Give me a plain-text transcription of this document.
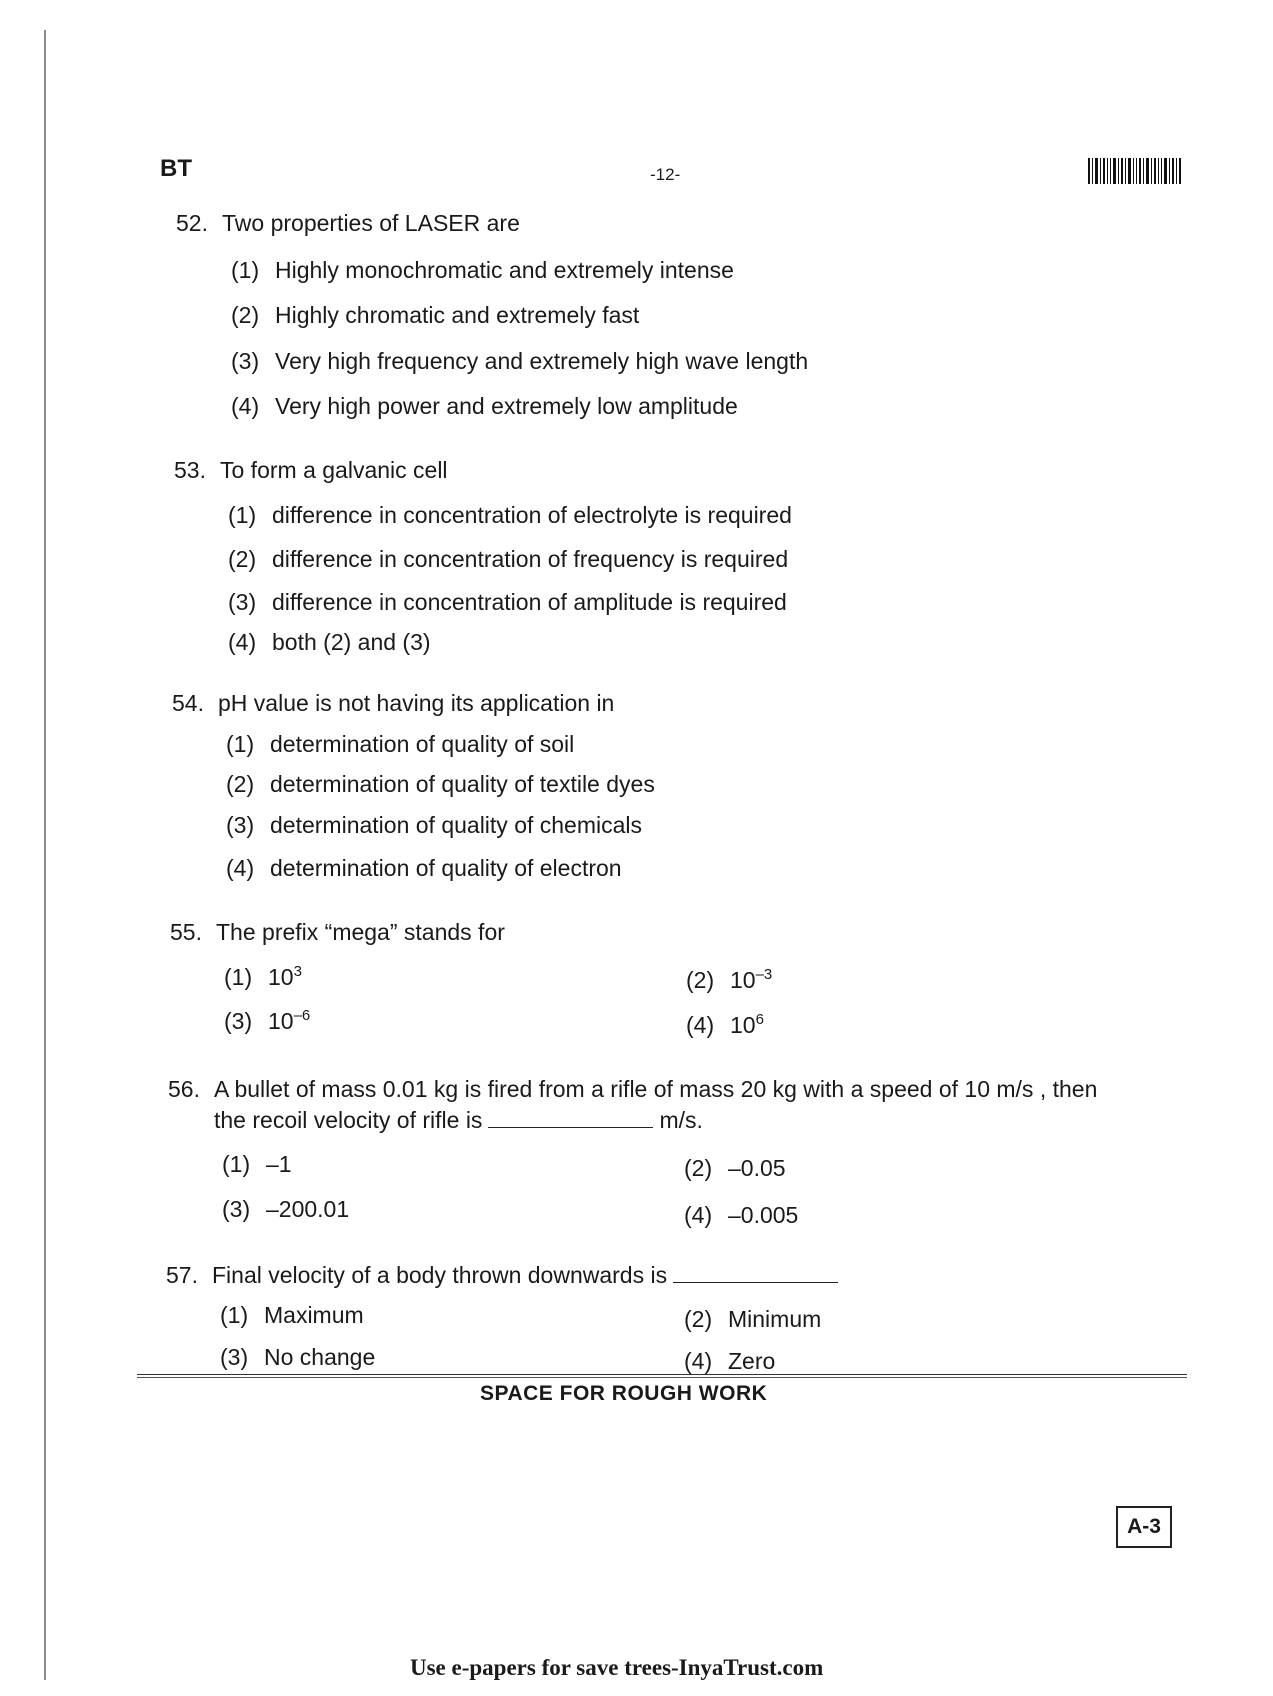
BT	-12-
52. Two properties of LASER are
(1) Highly monochromatic and extremely intense
(2) Highly chromatic and extremely fast
(3) Very high frequency and extremely high wave length
(4) Very high power and extremely low amplitude
53. To form a galvanic cell
(1) difference in concentration of electrolyte is required
(2) difference in concentration of frequency is required
(3) difference in concentration of amplitude is required
(4) both (2) and (3)
54. pH value is not having its application in
(1) determination of quality of soil
(2) determination of quality of textile dyes
(3) determination of quality of chemicals
(4) determination of quality of electron
55. The prefix “mega” stands for
(1) $10^3$	(2) $10^{-3}$
(3) $10^{-6}$	(4) $10^6$
56. A bullet of mass 0.01 kg is fired from a rifle of mass 20 kg with a speed of 10 m/s , then
the recoil velocity of rifle is	m/s.
(1) –1	(2) –0.05
(3) –200.01	(4) –0.005
57. Final velocity of a body thrown downwards is
(1) Maximum	(2) Minimum
(3) No change	(4) Zero
SPACE FOR ROUGH WORK
A-3
Use e-papers for save trees-InyaTrust.com
